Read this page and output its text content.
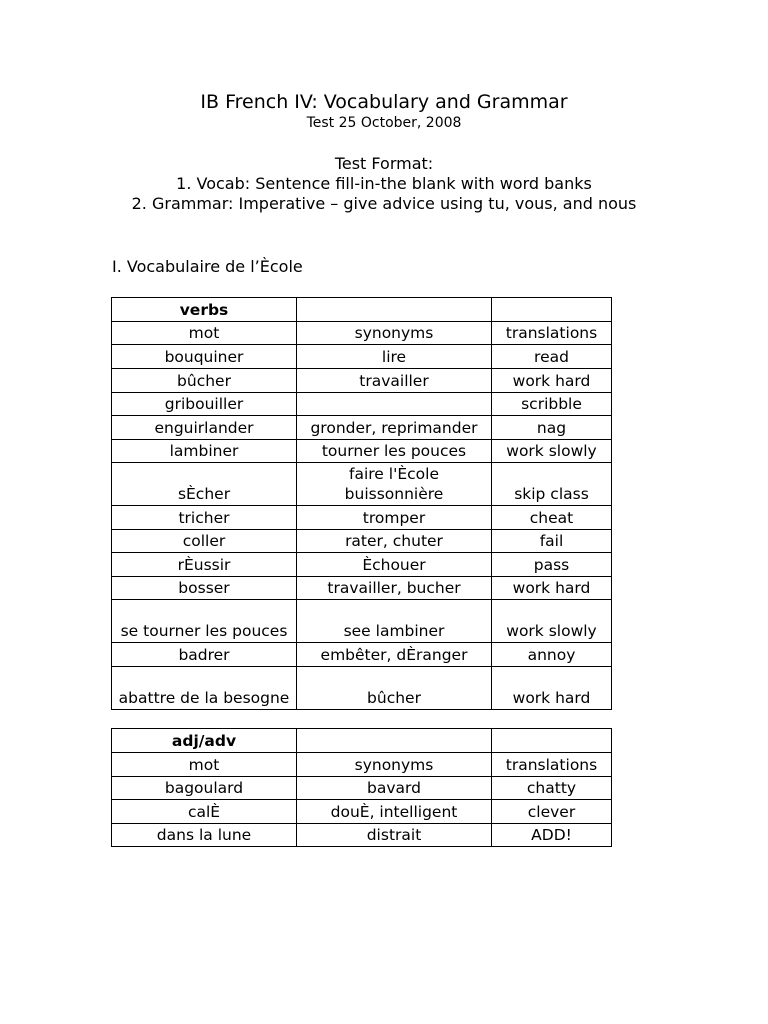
IB French IV: Vocabulary and Grammar
Test 25 October, 2008
Test Format:
1. Vocab: Sentence fill-in-the blank with word banks
2. Grammar: Imperative – give advice using tu, vous, and nous
I. Vocabulaire de l’Ècole
verbs		
mot	synonyms	translations
bouquiner	lire	read
bûcher	travailler	work hard
gribouiller		scribble
enguirlander	gronder, reprimander	nag
lambiner	tourner les pouces	work slowly
sÈcher	faire l'Ècole buissonnière	skip class
tricher	tromper	cheat
coller	rater, chuter	fail
rÈussir	Èchouer	pass
bosser	travailler, bucher	work hard
se tourner les pouces	see lambiner	work slowly
badrer	embêter, dÈranger	annoy
abattre de la besogne	bûcher	work hard
adj/adv		
mot	synonyms	translations
bagoulard	bavard	chatty
calÈ	douÈ, intelligent	clever
dans la lune	distrait	ADD!
